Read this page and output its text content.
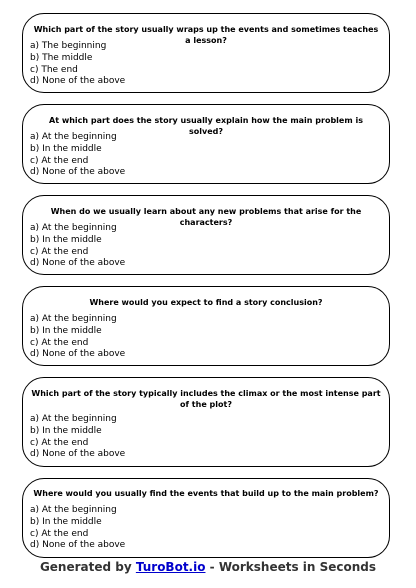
Which part of the story usually wraps up the events and sometimes teaches a lesson?
a) The beginning
b) The middle
c) The end
d) None of the above
At which part does the story usually explain how the main problem is solved?
a) At the beginning
b) In the middle
c) At the end
d) None of the above
When do we usually learn about any new problems that arise for the characters?
a) At the beginning
b) In the middle
c) At the end
d) None of the above
Where would you expect to find a story conclusion?
a) At the beginning
b) In the middle
c) At the end
d) None of the above
Which part of the story typically includes the climax or the most intense part of the plot?
a) At the beginning
b) In the middle
c) At the end
d) None of the above
Where would you usually find the events that build up to the main problem?
a) At the beginning
b) In the middle
c) At the end
d) None of the above
Generated by TuroBot.io - Worksheets in Seconds
